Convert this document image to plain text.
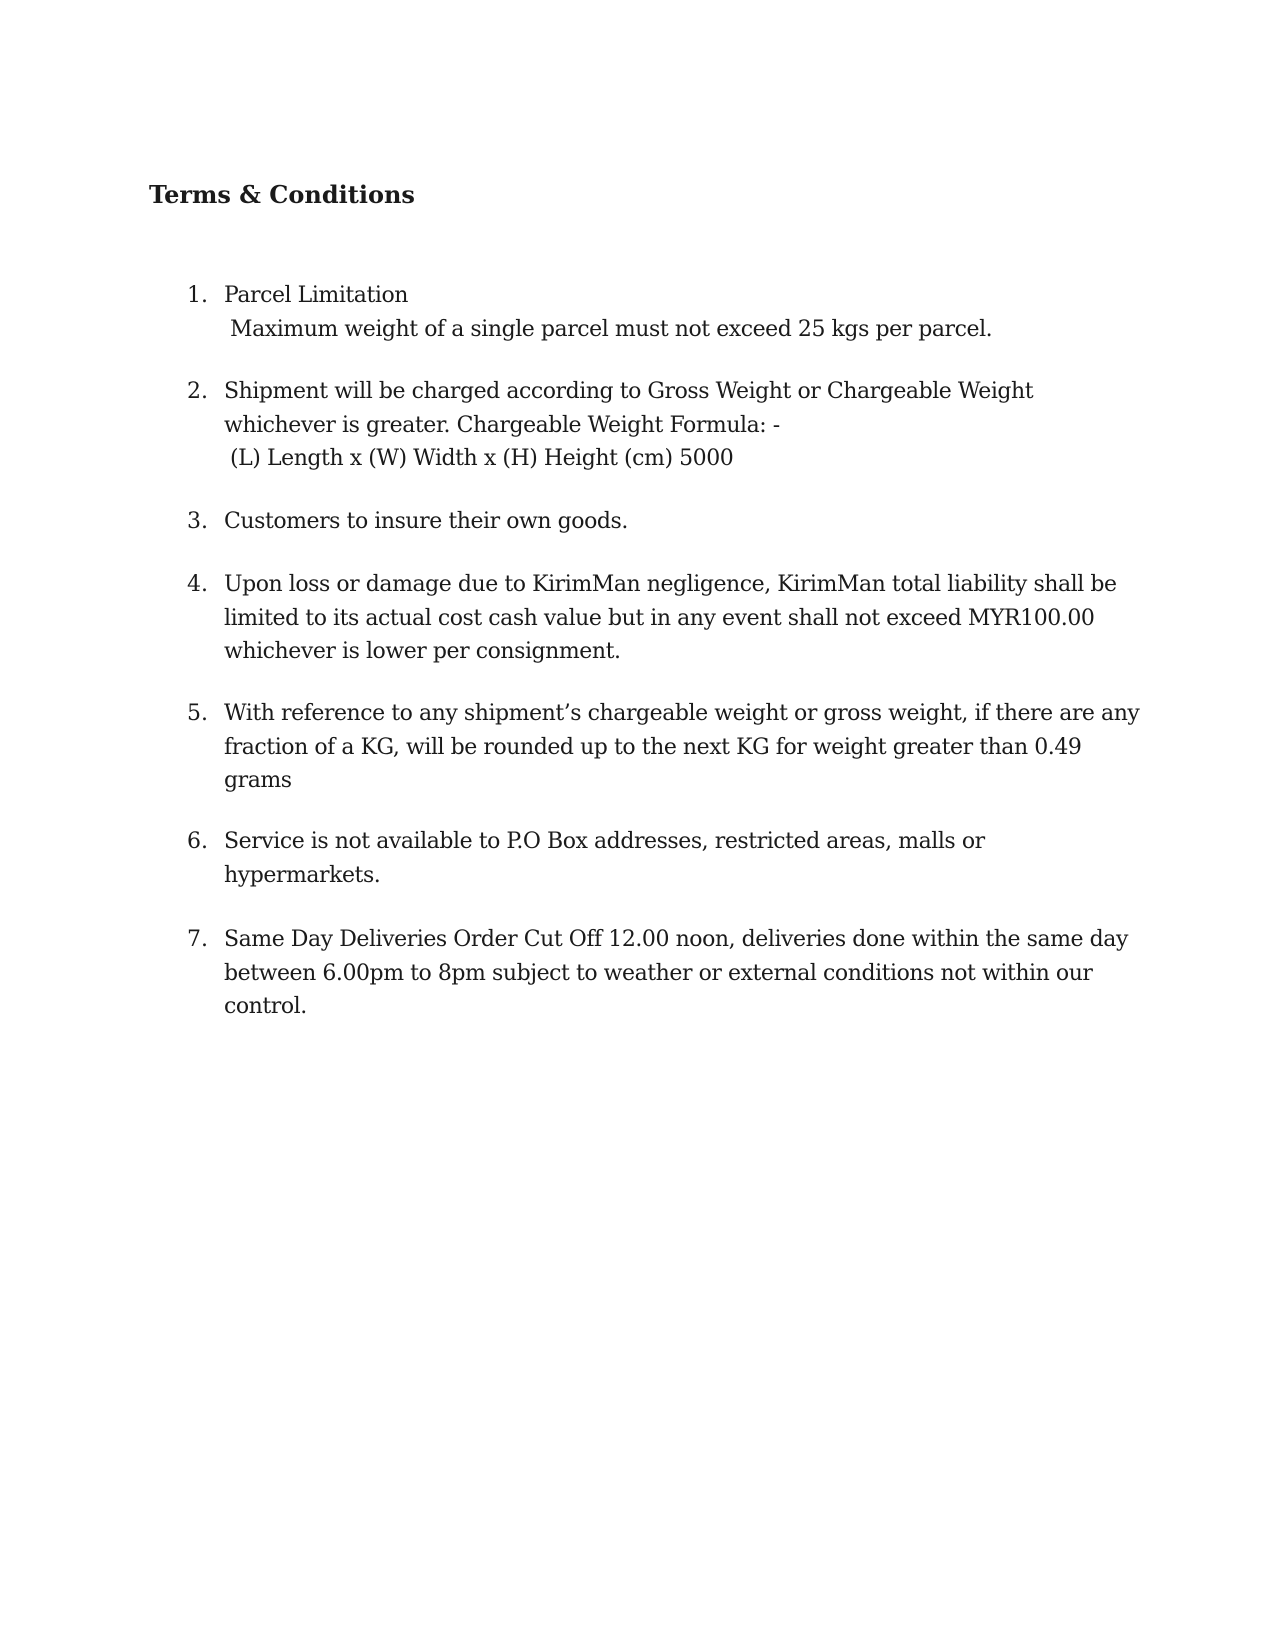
Terms & Conditions
1. Parcel Limitation
Maximum weight of a single parcel must not exceed 25 kgs per parcel.
2. Shipment will be charged according to Gross Weight or Chargeable Weight
whichever is greater. Chargeable Weight Formula: -
(L) Length x (W) Width x (H) Height (cm) 5000
3. Customers to insure their own goods.
4. Upon loss or damage due to KirimMan negligence, KirimMan total liability shall be
limited to its actual cost cash value but in any event shall not exceed MYR100.00
whichever is lower per consignment.
5. With reference to any shipment’s chargeable weight or gross weight, if there are any
fraction of a KG, will be rounded up to the next KG for weight greater than 0.49
grams
6. Service is not available to P.O Box addresses, restricted areas, malls or
hypermarkets.
7. Same Day Deliveries Order Cut Off 12.00 noon, deliveries done within the same day
between 6.00pm to 8pm subject to weather or external conditions not within our
control.
